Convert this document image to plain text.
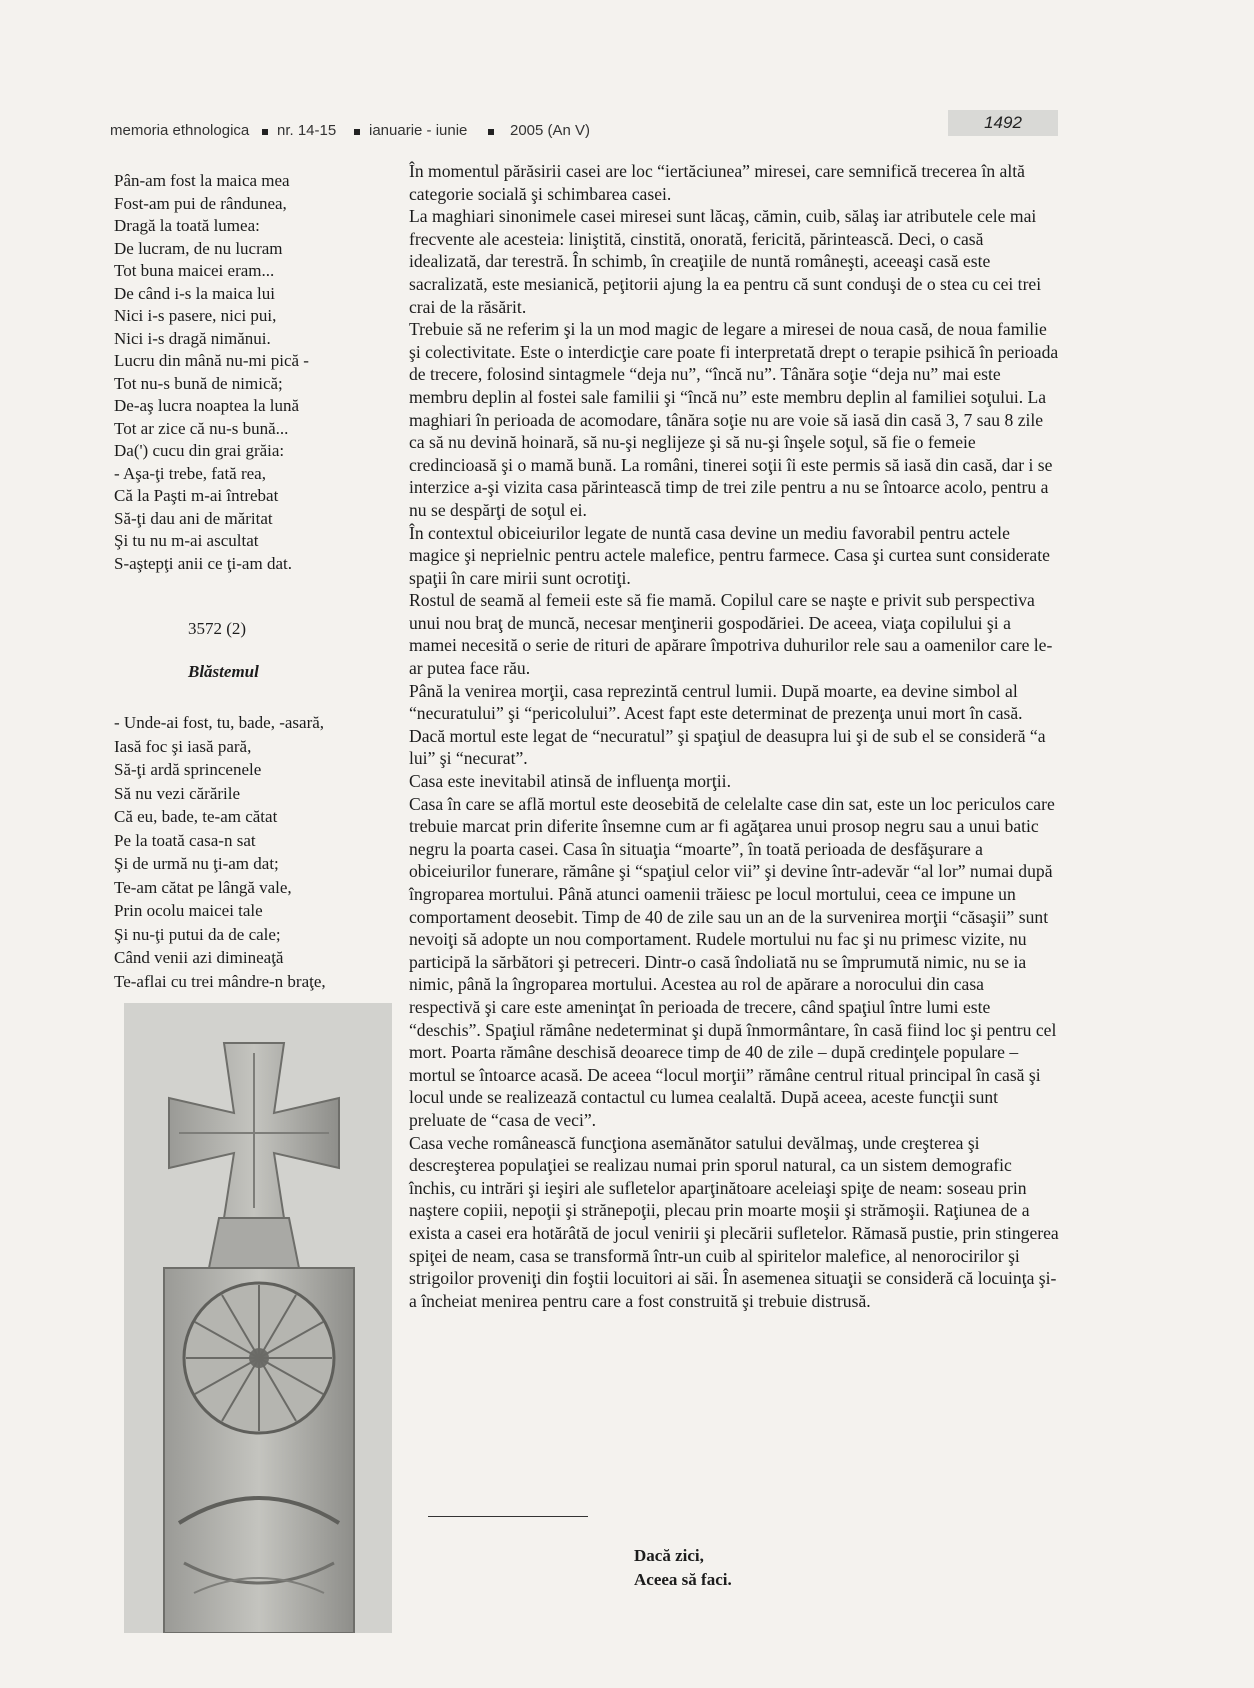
memoria ethnologica nr. 14-15 ianuarie - iunie	2005 (An V)	1492
Pân-am fost la maica mea
Fost-am pui de rândunea,
Dragă la toată lumea:
De lucram, de nu lucram
Tot buna maicei eram...
De când i-s la maica lui
Nici i-s pasere, nici pui,
Nici i-s dragă nimănui.
Lucru din mână nu-mi pică -
Tot nu-s bună de nimică;
De-aş lucra noaptea la lună
Tot ar zice că nu-s bună...
Da(') cucu din grai grăia:
- Aşa-ţi trebe, fată rea,
Că la Paşti m-ai întrebat
Să-ţi dau ani de măritat
Şi tu nu m-ai ascultat
S-aştepţi anii ce ţi-am dat.
3572 (2)
Blăstemul
- Unde-ai fost, tu, bade, -asară,
Iasă foc şi iasă pară,
Să-ţi ardă sprincenele
Să nu vezi cărările
Că eu, bade, te-am cătat
Pe la toată casa-n sat
Şi de urmă nu ţi-am dat;
Te-am cătat pe lângă vale,
Prin ocolu maicei tale
Şi nu-ţi putui da de cale;
Când venii azi dimineaţă
Te-aflai cu trei mândre-n braţe,

În momentul părăsirii casei are loc “iertăciunea” miresei, care semnifică trecerea în altă categorie socială şi schimbarea casei.

La maghiari sinonimele casei miresei sunt lăcaş, cămin, cuib, sălaş iar atributele cele mai frecvente ale acesteia: liniştită, cinstită, onorată, fericită, părintească. Deci, o casă idealizată, dar terestră. În schimb, în creaţiile de nuntă româneşti, aceeaşi casă este sacralizată, este mesianică, peţitorii ajung la ea pentru că sunt conduşi de o stea cu cei trei crai de la răsărit.

Trebuie să ne referim şi la un mod magic de legare a miresei de noua casă, de noua familie şi colectivitate. Este o interdicţie care poate fi interpretată drept o terapie psihică în perioada de trecere, folosind sintagmele “deja nu”, “încă nu”. Tânăra soţie “deja nu” mai este membru deplin al fostei sale familii şi “încă nu” este membru deplin al familiei soţului. La maghiari în perioada de acomodare, tânăra soţie nu are voie să iasă din casă 3, 7 sau 8 zile ca să nu devină hoinară, să nu-şi neglijeze şi să nu-şi înşele soţul, să fie o femeie credincioasă şi o mamă bună. La români, tinerei soţii îi este permis să iasă din casă, dar i se interzice a-şi vizita casa părintească timp de trei zile pentru a nu se întoarce acolo, pentru a nu se despărţi de soţul ei.

În contextul obiceiurilor legate de nuntă casa devine un mediu favorabil pentru actele magice şi neprielnic pentru actele malefice, pentru farmece. Casa şi curtea sunt considerate spaţii în care mirii sunt ocrotiţi.

Rostul de seamă al femeii este să fie mamă. Copilul care se naşte e privit sub perspectiva unui nou braţ de muncă, necesar menţinerii gospodăriei. De aceea, viaţa copilului şi a mamei necesită o serie de rituri de apărare împotriva duhurilor rele sau a oamenilor care le-ar putea face rău.

Până la venirea morţii, casa reprezintă centrul lumii. După moarte, ea devine simbol al “necuratului” şi “pericolului”. Acest fapt este determinat de prezenţa unui mort în casă.

Dacă mortul este legat de “necuratul” şi spaţiul de deasupra lui şi de sub el se consideră “a lui” şi “necurat”.

Casa este inevitabil atinsă de influenţa morţii.

Casa în care se află mortul este deosebită de celelalte case din sat, este un loc periculos care trebuie marcat prin diferite însemne cum ar fi agăţarea unui prosop negru sau a unui batic negru la poarta casei. Casa în situaţia “moarte”, în toată perioada de desfăşurare a obiceiurilor funerare, rămâne şi “spaţiul celor vii” şi devine într-adevăr “al lor” numai după îngroparea mortului. Până atunci oamenii trăiesc pe locul mortului, ceea ce impune un comportament deosebit. Timp de 40 de zile sau un an de la survenirea morţii “căsaşii” sunt nevoiţi să adopte un nou comportament. Rudele mortului nu fac şi nu primesc vizite, nu participă la sărbători şi petreceri. Dintr-o casă îndoliată nu se împrumută nimic, nu se ia nimic, până la îngroparea mortului. Acestea au rol de apărare a norocului din casa respectivă şi care este ameninţat în perioada de trecere, când spaţiul între lumi este “deschis”. Spaţiul rămâne nedeterminat şi după înmormântare, în casă fiind loc şi pentru cel mort. Poarta rămâne deschisă deoarece timp de 40 de zile – după credinţele populare – mortul se întoarce acasă. De aceea “locul morţii” rămâne centrul ritual principal în casă şi locul unde se realizează contactul cu lumea cealaltă. După aceea, aceste funcţii sunt preluate de “casa de veci”.

Casa veche românească funcţiona asemănător satului devălmaş, unde creşterea şi descreşterea populaţiei se realizau numai prin sporul natural, ca un sistem demografic închis, cu intrări şi ieşiri ale sufletelor aparţinătoare aceleiaşi spiţe de neam: soseau prin naştere copiii, nepoţii şi strănepoţii, plecau prin moarte moşii şi strămoşii. Raţiunea de a exista a casei era hotărâtă de jocul venirii şi plecării sufletelor. Rămasă pustie, prin stingerea spiţei de neam, casa se transformă într-un cuib al spiritelor malefice, al nenorocirilor şi strigoilor proveniţi din foştii locuitori ai săi. În asemenea situaţii se consideră că locuinţa şi-a încheiat menirea pentru care a fost construită şi trebuie distrusă.

Dacă zici,
Aceea să faci.
